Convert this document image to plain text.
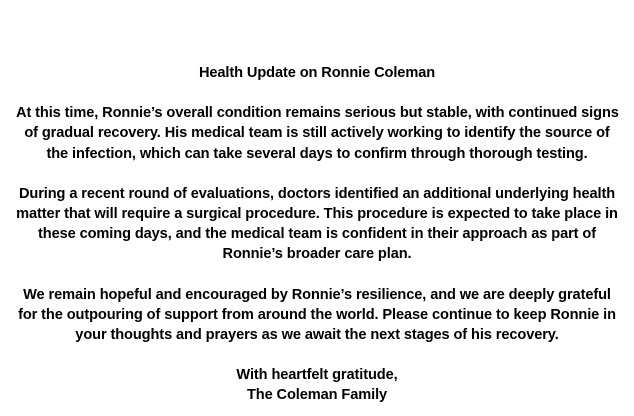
Health Update on Ronnie Coleman

At this time, Ronnie’s overall condition remains serious but stable, with continued signs
of gradual recovery. His medical team is still actively working to identify the source of
the infection, which can take several days to confirm through thorough testing.

During a recent round of evaluations, doctors identified an additional underlying health
matter that will require a surgical procedure. This procedure is expected to take place in
these coming days, and the medical team is confident in their approach as part of
Ronnie’s broader care plan.

We remain hopeful and encouraged by Ronnie’s resilience, and we are deeply grateful
for the outpouring of support from around the world. Please continue to keep Ronnie in
your thoughts and prayers as we await the next stages of his recovery.

With heartfelt gratitude,
The Coleman Family
